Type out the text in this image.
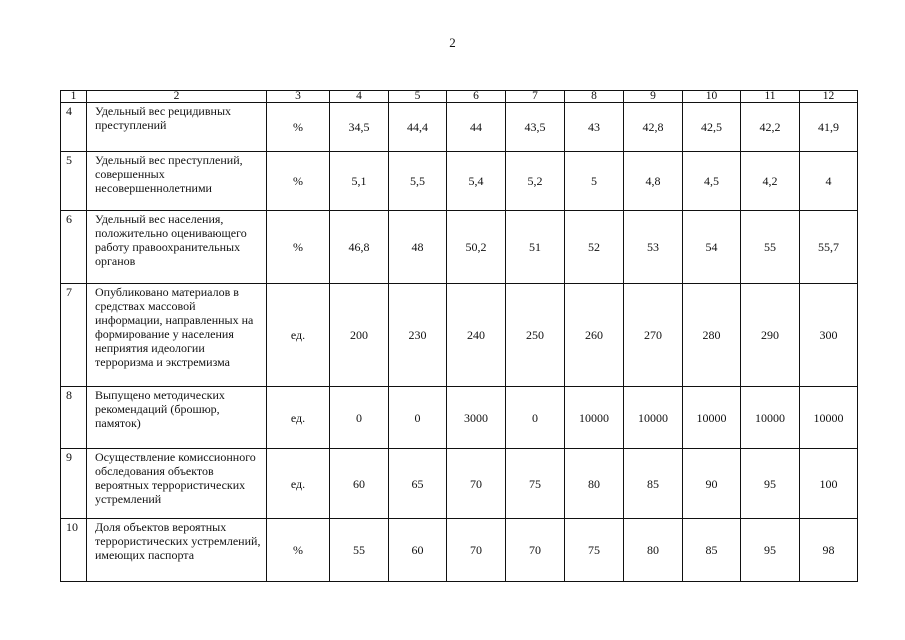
2
1	2	3	4	5	6	7	8	9	10	11	12
4	Удельный вес рецидивных преступлений	%	34,5	44,4	44	43,5	43	42,8	42,5	42,2	41,9
5	Удельный вес преступлений, совершенных несовершеннолетними	%	5,1	5,5	5,4	5,2	5	4,8	4,5	4,2	4
6	Удельный вес населения, положительно оценивающего работу правоохранительных органов	%	46,8	48	50,2	51	52	53	54	55	55,7
7	Опубликовано материалов в средствах массовой информации, направленных на формирование у населения неприятия идеологии терроризма и экстремизма	ед.	200	230	240	250	260	270	280	290	300
8	Выпущено методических рекомендаций (брошюр, памяток)	ед.	0	0	3000	0	10000	10000	10000	10000	10000
9	Осуществление комиссионного обследования объектов вероятных террористических устремлений	ед.	60	65	70	75	80	85	90	95	100
10	Доля объектов вероятных террористических устремлений, имеющих паспорта	%	55	60	70	70	75	80	85	95	98
